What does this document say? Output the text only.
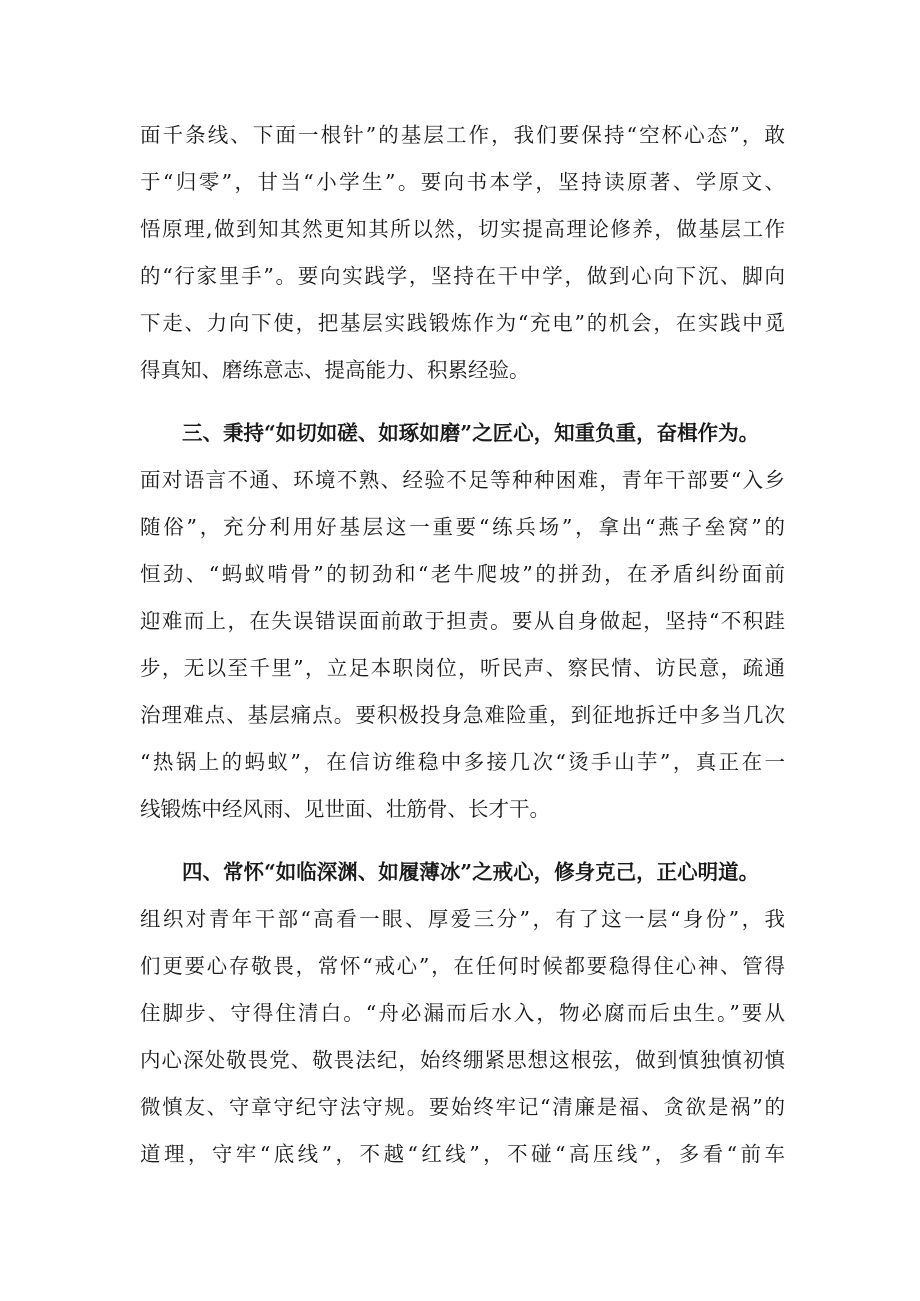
面千条线、下面一根针”的基层工作，我们要保持“空杯心态”，敢
于“归零”，甘当“小学生”。要向书本学，坚持读原著、学原文、
悟原理,做到知其然更知其所以然，切实提高理论修养，做基层工作
的“行家里手”。要向实践学，坚持在干中学，做到心向下沉、脚向
下走、力向下使，把基层实践锻炼作为“充电”的机会，在实践中觅
得真知、磨练意志、提高能力、积累经验。
三、秉持“如切如磋、如琢如磨”之匠心，知重负重，奋楫作为。
面对语言不通、环境不熟、经验不足等种种困难，青年干部要“入乡
随俗”，充分利用好基层这一重要“练兵场”，拿出“燕子垒窝”的
恒劲、“蚂蚁啃骨”的韧劲和“老牛爬坡”的拼劲，在矛盾纠纷面前
迎难而上，在失误错误面前敢于担责。要从自身做起，坚持“不积跬
步，无以至千里”，立足本职岗位，听民声、察民情、访民意，疏通
治理难点、基层痛点。要积极投身急难险重，到征地拆迁中多当几次
“热锅上的蚂蚁”，在信访维稳中多接几次“烫手山芋”，真正在一
线锻炼中经风雨、见世面、壮筋骨、长才干。
四、常怀“如临深渊、如履薄冰”之戒心，修身克己，正心明道。
组织对青年干部“高看一眼、厚爱三分”，有了这一层“身份”，我
们更要心存敬畏，常怀“戒心”，在任何时候都要稳得住心神、管得
住脚步、守得住清白。“舟必漏而后水入，物必腐而后虫生。”要从
内心深处敬畏党、敬畏法纪，始终绷紧思想这根弦，做到慎独慎初慎
微慎友、守章守纪守法守规。要始终牢记“清廉是福、贪欲是祸”的
道理，守牢“底线”，不越“红线”，不碰“高压线”，多看“前车
